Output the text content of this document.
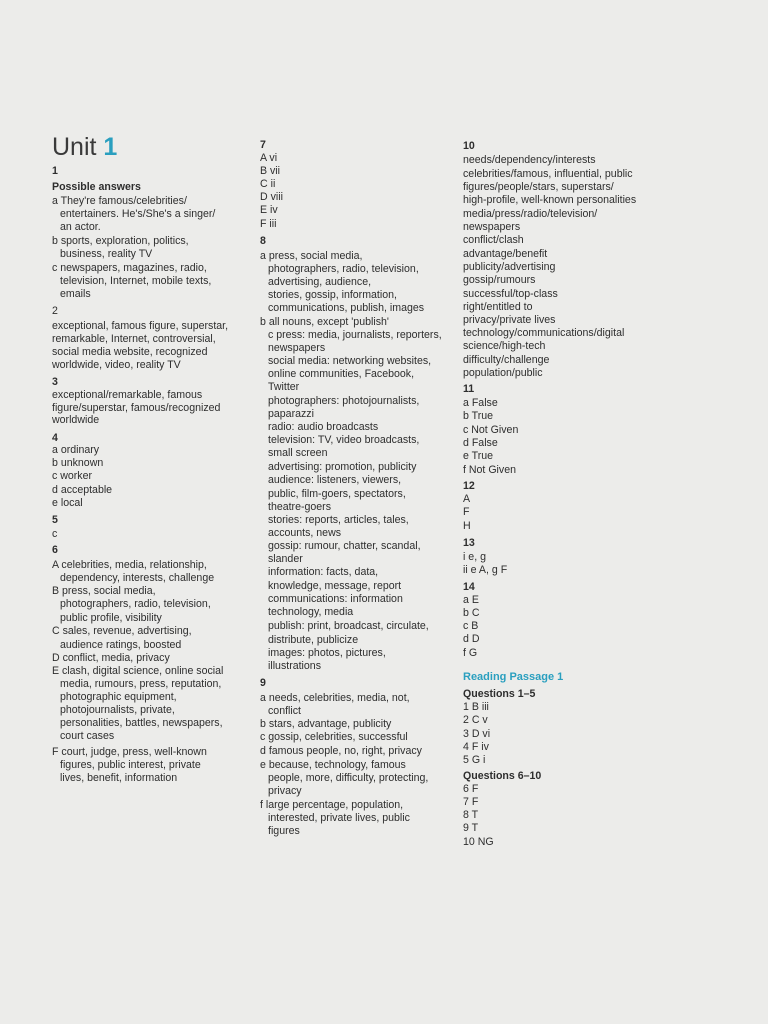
Unit 1
1
Possible answers
a They're famous/celebrities/
entertainers. He's/She's a singer/
an actor.
b sports, exploration, politics,
business, reality TV
c newspapers, magazines, radio,
television, Internet, mobile texts,
emails
2
exceptional, famous figure, superstar,
remarkable, Internet, controversial,
social media website, recognized
worldwide, video, reality TV
3
exceptional/remarkable, famous
figure/superstar, famous/recognized
worldwide
4
a ordinary
b unknown
c worker
d acceptable
e local
5
c
6
A celebrities, media, relationship,
dependency, interests, challenge
B press, social media,
photographers, radio, television,
public profile, visibility
C sales, revenue, advertising,
audience ratings, boosted
D conflict, media, privacy
E clash, digital science, online social
media, rumours, press, reputation,
photographic equipment,
photojournalists, private,
personalities, battles, newspapers,
court cases
F court, judge, press, well-known
figures, public interest, private
lives, benefit, information
7
A vi
B vii
C ii
D viii
E iv
F iii
8
a press, social media,
photographers, radio, television,
advertising, audience,
stories, gossip, information,
communications, publish, images
b all nouns, except 'publish'
c press: media, journalists, reporters,
newspapers
social media: networking websites,
online communities, Facebook,
Twitter
photographers: photojournalists,
paparazzi
radio: audio broadcasts
television: TV, video broadcasts,
small screen
advertising: promotion, publicity
audience: listeners, viewers,
public, film-goers, spectators,
theatre-goers
stories: reports, articles, tales,
accounts, news
gossip: rumour, chatter, scandal,
slander
information: facts, data,
knowledge, message, report
communications: information
technology, media
publish: print, broadcast, circulate,
distribute, publicize
images: photos, pictures,
illustrations
9
a needs, celebrities, media, not,
conflict
b stars, advantage, publicity
c gossip, celebrities, successful
d famous people, no, right, privacy
e because, technology, famous
people, more, difficulty, protecting,
privacy
f large percentage, population,
interested, private lives, public
figures
10
needs/dependency/interests
celebrities/famous, influential, public
figures/people/stars, superstars/
high-profile, well-known personalities
media/press/radio/television/
newspapers
conflict/clash
advantage/benefit
publicity/advertising
gossip/rumours
successful/top-class
right/entitled to
privacy/private lives
technology/communications/digital
science/high-tech
difficulty/challenge
population/public
11
a False
b True
c Not Given
d False
e True
f Not Given
12
A
F
H
13
i e, g
ii e A, g F
14
a E
b C
c B
d D
f G
Reading Passage 1
Questions 1–5
1 B iii
2 C v
3 D vi
4 F iv
5 G i
Questions 6–10
6 F
7 F
8 T
9 T
10 NG
